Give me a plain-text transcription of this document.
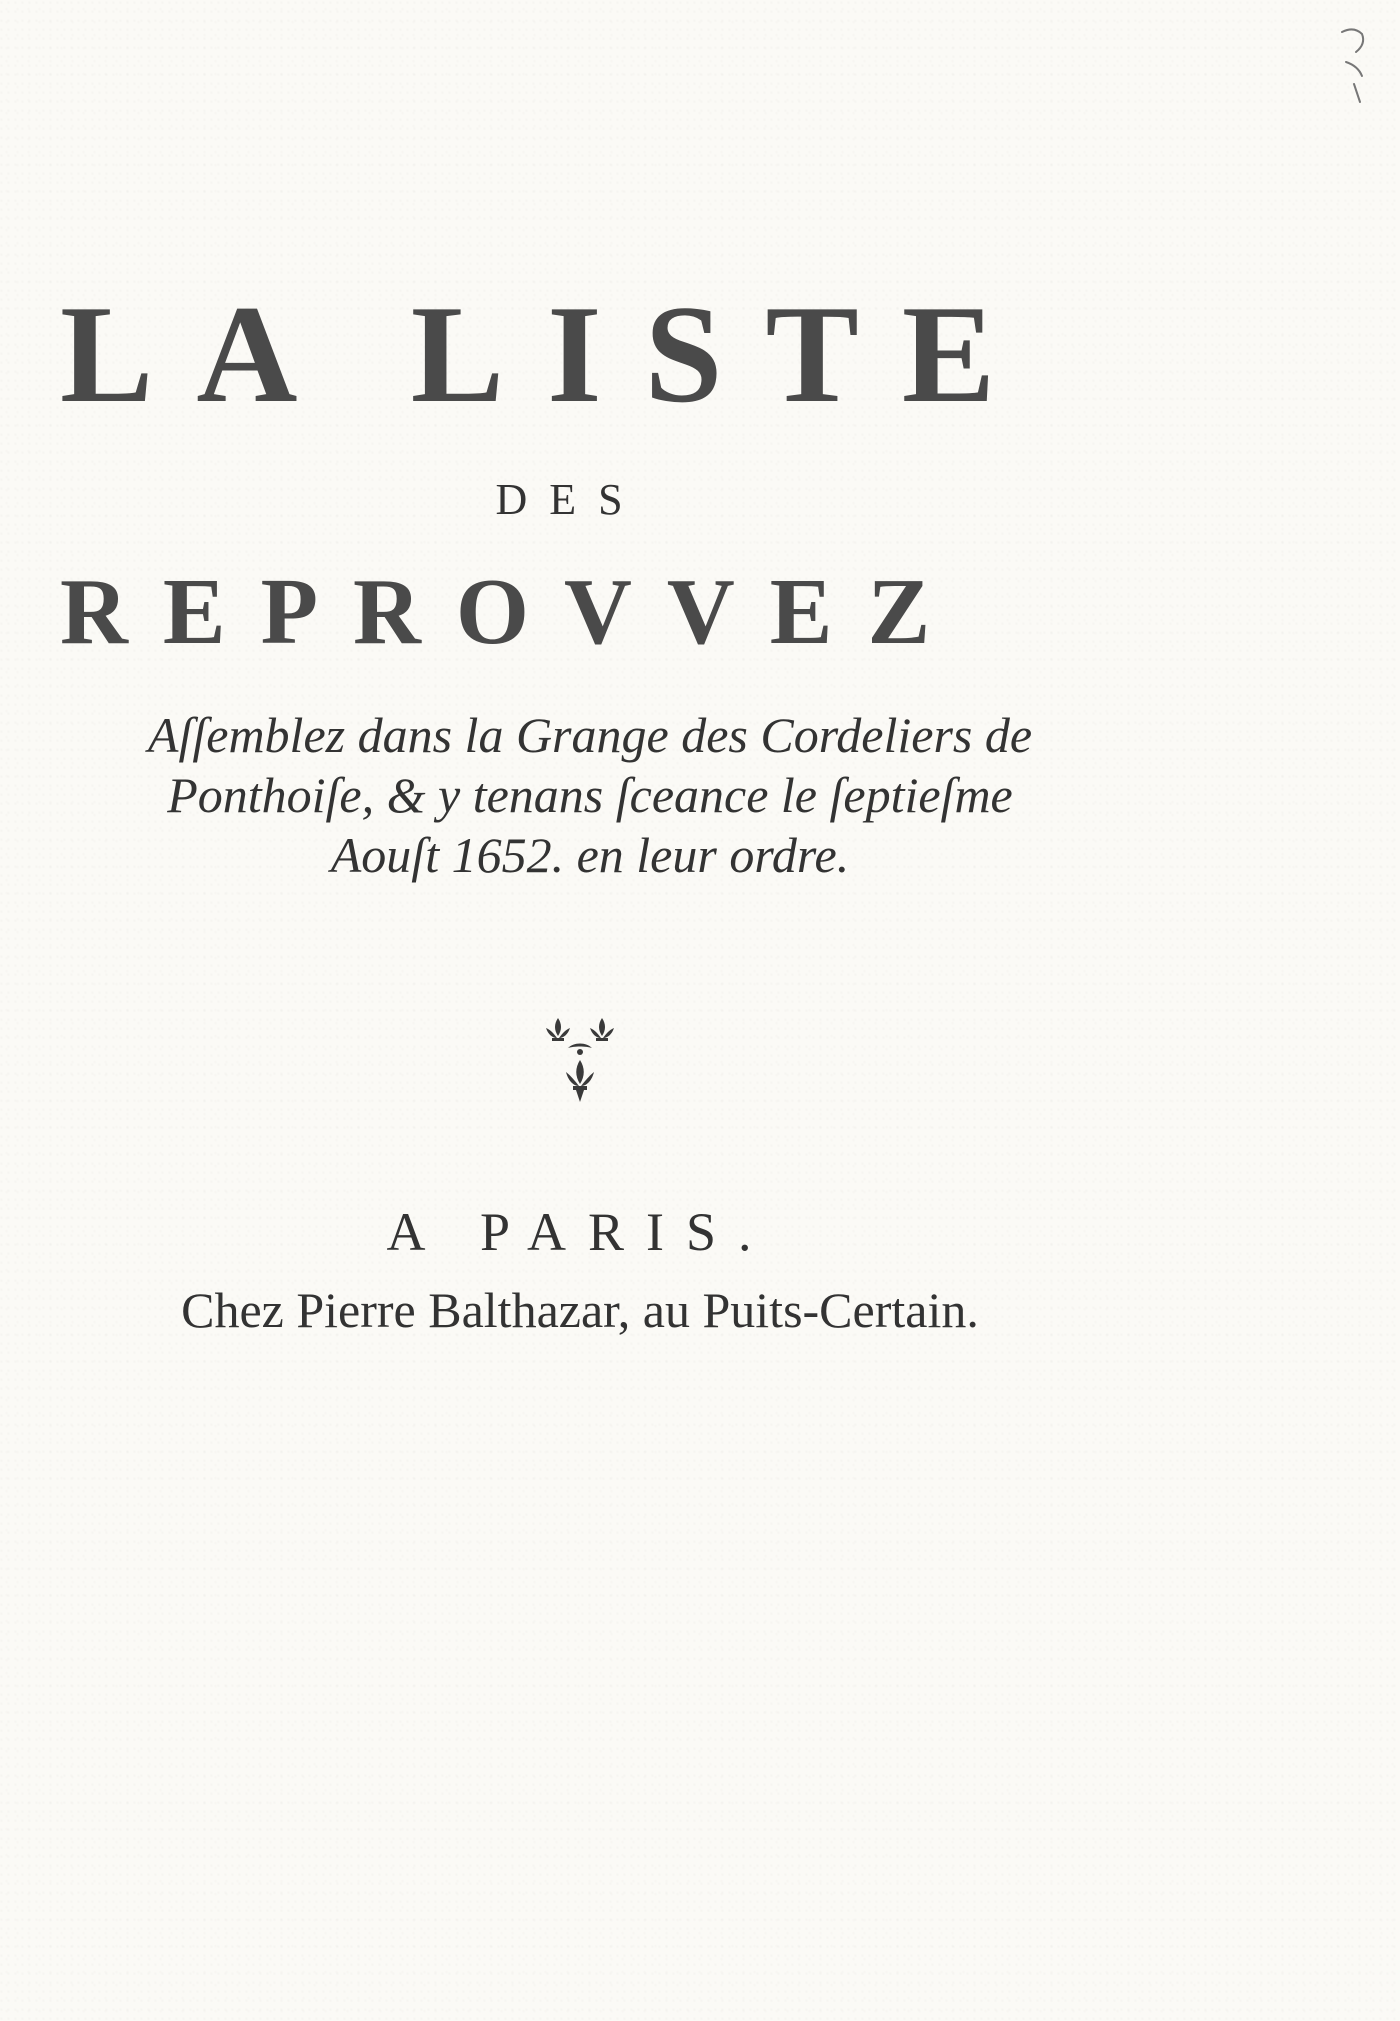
LA LISTE

DES

REPROVVEZ
Aſſemblez dans la Grange des Cordeliers de
Ponthoiſe, & y tenans ſceance le ſeptieſme
Aouſt 1652. en leur ordre.

A PARIS.

Chez Pierre Balthazar, au Puits-Certain.
